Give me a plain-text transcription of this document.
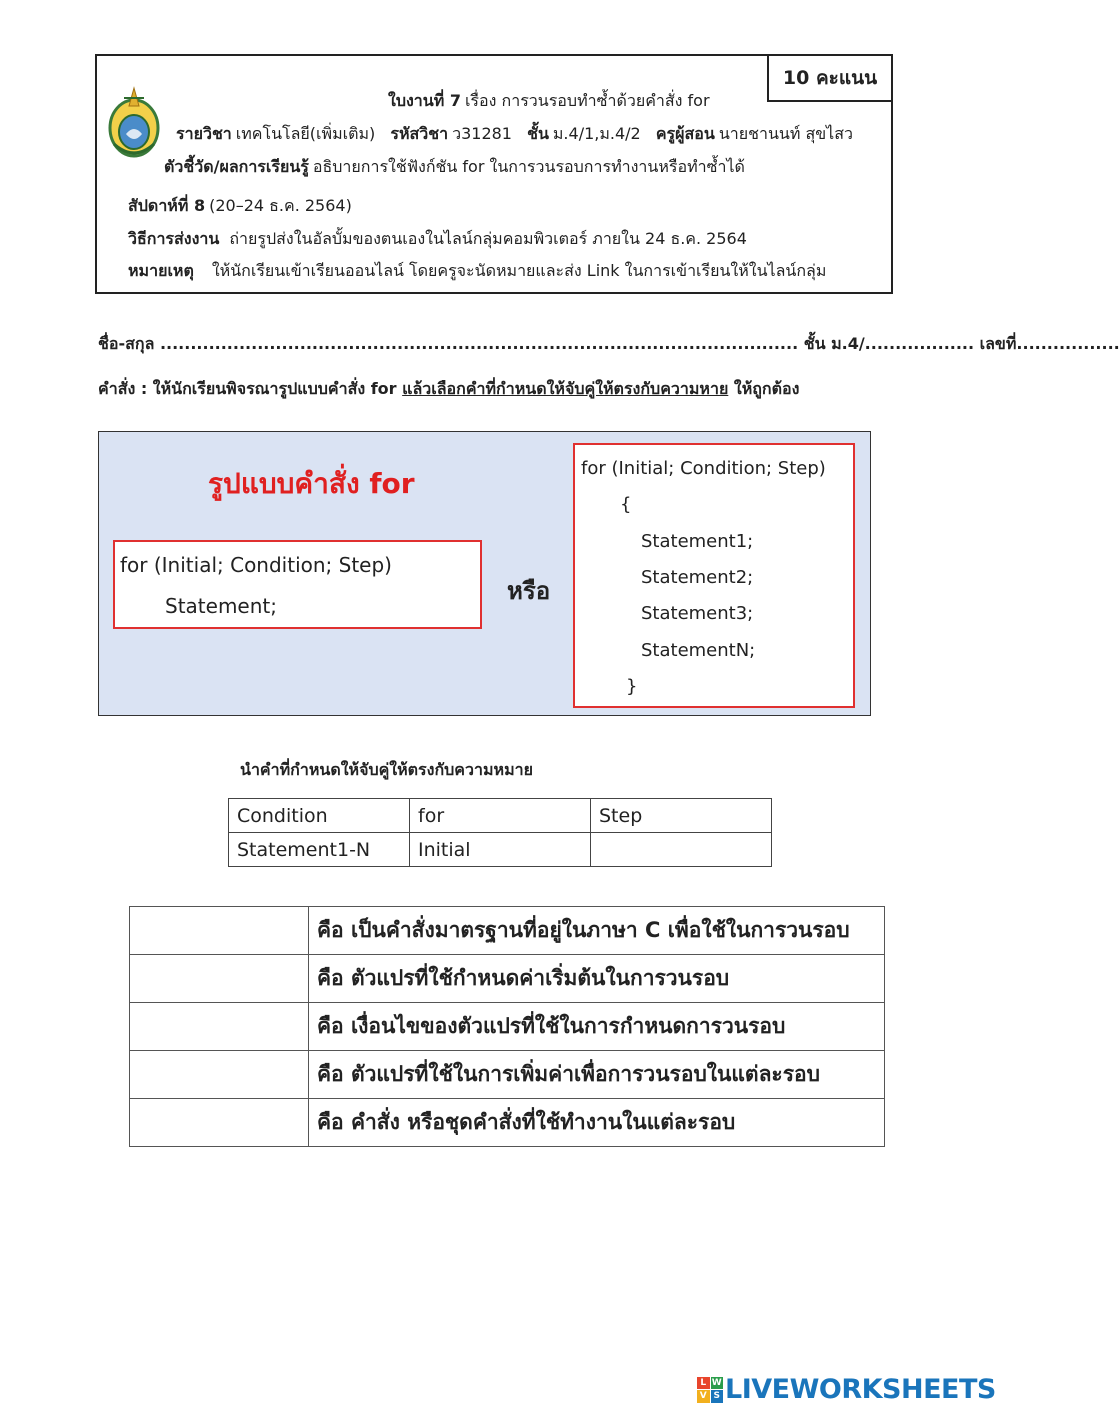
10 คะแนน
ใบงานที่ 7 เรื่อง การวนรอบทำซ้ำด้วยคำสั่ง for
รายวิชา เทคโนโลยี(เพิ่มเติม) รหัสวิชา ว31281 ชั้น ม.4/1,ม.4/2 ครูผู้สอน นายชานนท์ สุขไสว
ตัวชี้วัด/ผลการเรียนรู้ อธิบายการใช้ฟังก์ชัน for ในการวนรอบการทำงานหรือทำซ้ำได้
สัปดาห์ที่ 8 (20–24 ธ.ค. 2564)
วิธีการส่งงาน ถ่ายรูปส่งในอัลบั้มของตนเองในไลน์กลุ่มคอมพิวเตอร์ ภายใน 24 ธ.ค. 2564
หมายเหตุ ให้นักเรียนเข้าเรียนออนไลน์ โดยครูจะนัดหมายและส่ง Link ในการเข้าเรียนให้ในไลน์กลุ่ม
ชื่อ-สกุล ......................................................................................................... ชั้น ม.4/.................. เลขที่.................
คำสั่ง : ให้นักเรียนพิจรณารูปแบบคำสั่ง for แล้วเลือกคำที่กำหนดให้จับคู่ให้ตรงกับความหาย ให้ถูกต้อง
รูปแบบคำสั่ง for
for (Initial; Condition; Step)
Statement;
หรือ
for (Initial; Condition; Step)
{
Statement1;
Statement2;
Statement3;
StatementN;
}
นำคำที่กำหนดให้จับคู่ให้ตรงกับความหมาย
Condition	for	Step
Statement1-N	Initial	
	คือ เป็นคำสั่งมาตรฐานที่อยู่ในภาษา C เพื่อใช้ในการวนรอบ
	คือ ตัวแปรที่ใช้กำหนดค่าเริ่มต้นในการวนรอบ
	คือ เงื่อนไขของตัวแปรที่ใช้ในการกำหนดการวนรอบ
	คือ ตัวแปรที่ใช้ในการเพิ่มค่าเพื่อการวนรอบในแต่ละรอบ
	คือ คำสั่ง หรือชุดคำสั่งที่ใช้ทำงานในแต่ละรอบ
L W
V S LIVEWORKSHEETS
